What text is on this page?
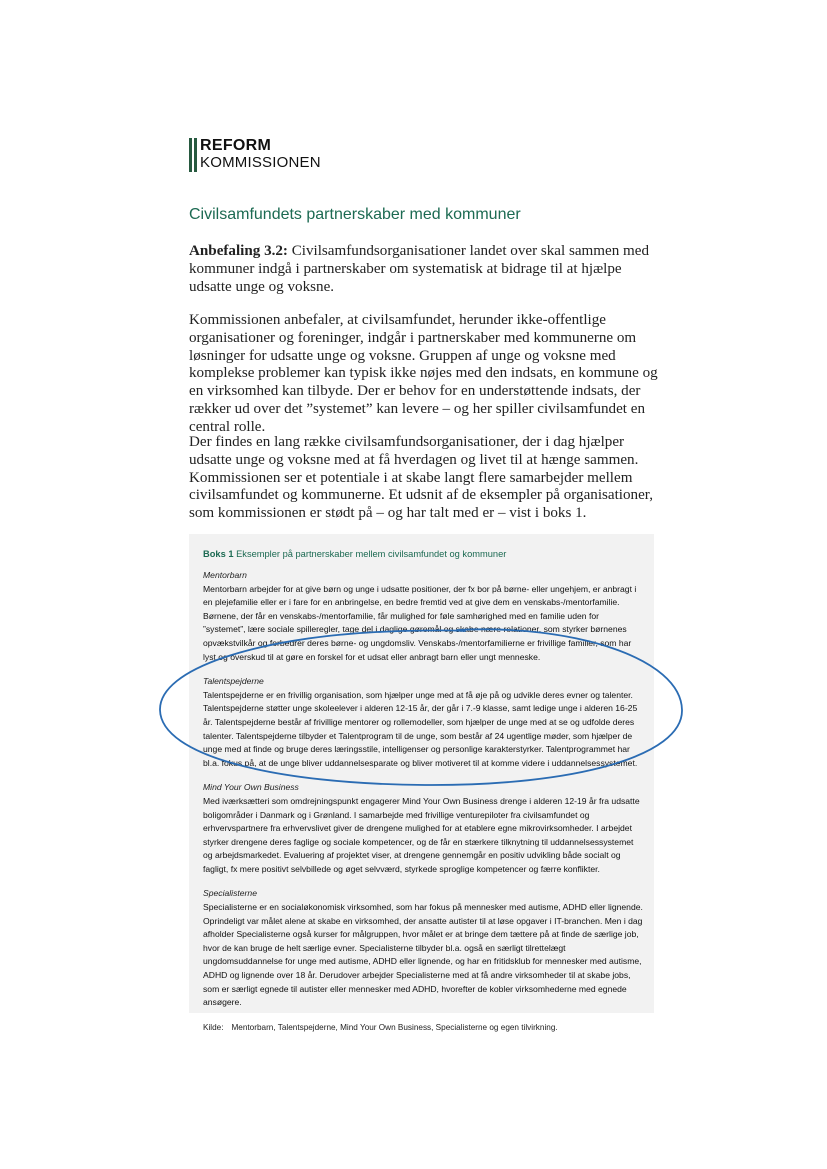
REFORM
KOMMISSIONEN
Civilsamfundets partnerskaber med kommuner

Anbefaling 3.2: Civilsamfundsorganisationer landet over skal sammen med kommuner indgå i partnerskaber om systematisk at bidrage til at hjælpe udsatte unge og voksne.

Kommissionen anbefaler, at civilsamfundet, herunder ikke-offentlige organisationer og foreninger, indgår i partnerskaber med kommunerne om løsninger for udsatte unge og voksne. Gruppen af unge og voksne med komplekse problemer kan typisk ikke nøjes med den indsats, en kommune og en virksomhed kan tilbyde. Der er behov for en understøttende indsats, der rækker ud over det ”systemet” kan levere – og her spiller civilsamfundet en central rolle.

Der findes en lang række civilsamfundsorganisationer, der i dag hjælper udsatte unge og voksne med at få hverdagen og livet til at hænge sammen. Kommissionen ser et potentiale i at skabe langt flere samarbejder mellem civilsamfundet og kommunerne. Et udsnit af de eksempler på organisationer, som kommissionen er stødt på – og har talt med er – vist i boks 1.

Boks 1 Eksempler på partnerskaber mellem civilsamfundet og kommuner

Mentorbarn

Mentorbarn arbejder for at give børn og unge i udsatte positioner, der fx bor på børne- eller ungehjem, er anbragt i en plejefamilie eller er i fare for en anbringelse, en bedre fremtid ved at give dem en venskabs-/mentorfamilie. Børnene, der får en venskabs-/mentorfamilie, får mulighed for føle samhørighed med en familie uden for ”systemet”, lære sociale spilleregler, tage del i daglige gøremål og skabe nære relationer, som styrker børnenes opvækstvilkår og forbedrer deres børne- og ungdomsliv. Venskabs-/mentorfamilierne er frivillige familier, som har lyst og overskud til at gøre en forskel for et udsat eller anbragt barn eller ungt menneske.

Talentspejderne

Talentspejderne er en frivillig organisation, som hjælper unge med at få øje på og udvikle deres evner og talenter. Talentspejderne støtter unge skoleelever i alderen 12-15 år, der går i 7.-9 klasse, samt ledige unge i alderen 16-25 år. Talentspejderne består af frivillige mentorer og rollemodeller, som hjælper de unge med at se og udfolde deres talenter. Talentspejderne tilbyder et Talentprogram til de unge, som består af 24 ugentlige møder, som hjælper de unge med at finde og bruge deres læringsstile, intelligenser og personlige karakterstyrker. Talentprogrammet har bl.a. fokus på, at de unge bliver uddannelsesparate og bliver motiveret til at komme videre i uddannelsessystemet.

Mind Your Own Business

Med iværksætteri som omdrejningspunkt engagerer Mind Your Own Business drenge i alderen 12-19 år fra udsatte boligområder i Danmark og i Grønland. I samarbejde med frivillige venturepiloter fra civilsamfundet og erhvervspartnere fra erhvervslivet giver de drengene mulighed for at etablere egne mikrovirksomheder. I arbejdet styrker drengene deres faglige og sociale kompetencer, og de får en stærkere tilknytning til uddannelsessystemet og arbejdsmarkedet. Evaluering af projektet viser, at drengene gennemgår en positiv udvikling både socialt og fagligt, fx mere positivt selvbillede og øget selvværd, styrkede sproglige kompetencer og færre konflikter.

Specialisterne

Specialisterne er en socialøkonomisk virksomhed, som har fokus på mennesker med autisme, ADHD eller lignende. Oprindeligt var målet alene at skabe en virksomhed, der ansatte autister til at løse opgaver i IT-branchen. Men i dag afholder Specialisterne også kurser for målgruppen, hvor målet er at bringe dem tættere på at finde de særlige job, hvor de kan bruge de helt særlige evner. Specialisterne tilbyder bl.a. også en særligt tilrettelægt ungdomsuddannelse for unge med autisme, ADHD eller lignende, og har en fritidsklub for mennesker med autisme, ADHD og lignende over 18 år. Derudover arbejder Specialisterne med at få andre virksomheder til at skabe jobs, som er særligt egnede til autister eller mennesker med ADHD, hvorefter de kobler virksomhederne med egnede ansøgere.

Kilde: Mentorbarn, Talentspejderne, Mind Your Own Business, Specialisterne og egen tilvirkning.
